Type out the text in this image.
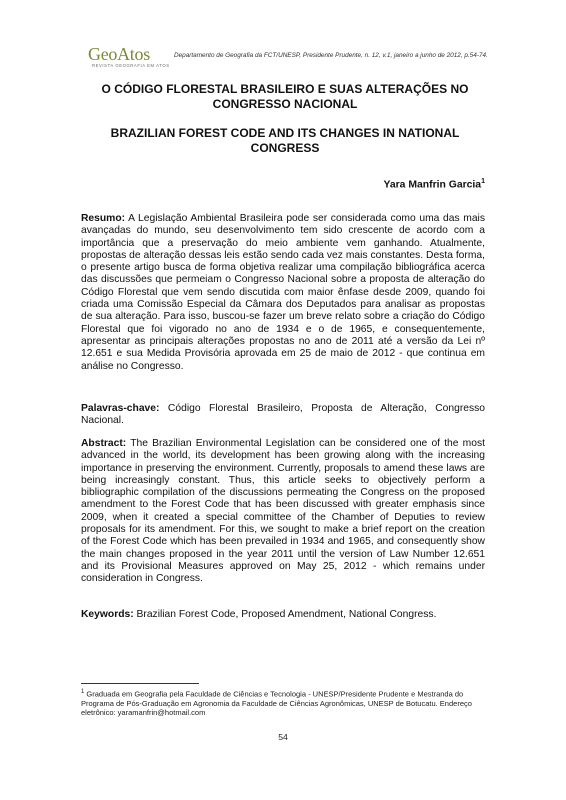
GeoAtos
REVISTA GEOGRAFIA EM ATOS
Departamento de Geografia da FCT/UNESP, Presidente Prudente, n. 12, v.1, janeiro a junho de 2012, p.54-74.
O CÓDIGO FLORESTAL BRASILEIRO E SUAS ALTERAÇÕES NO CONGRESSO NACIONAL
BRAZILIAN FOREST CODE AND ITS CHANGES IN NATIONAL CONGRESS
Yara Manfrin Garcia$^1$
Resumo: A Legislação Ambiental Brasileira pode ser considerada como uma das mais avançadas do mundo, seu desenvolvimento tem sido crescente de acordo com a importância que a preservação do meio ambiente vem ganhando. Atualmente, propostas de alteração dessas leis estão sendo cada vez mais constantes. Desta forma, o presente artigo busca de forma objetiva realizar uma compilação bibliográfica acerca das discussões que permeiam o Congresso Nacional sobre a proposta de alteração do Código Florestal que vem sendo discutida com maior ênfase desde 2009, quando foi criada uma Comissão Especial da Câmara dos Deputados para analisar as propostas de sua alteração. Para isso, buscou-se fazer um breve relato sobre a criação do Código Florestal que foi vigorado no ano de 1934 e o de 1965, e consequentemente, apresentar as principais alterações propostas no ano de 2011 até a versão da Lei nº 12.651 e sua Medida Provisória aprovada em 25 de maio de 2012 - que continua em análise no Congresso.
Palavras-chave: Código Florestal Brasileiro, Proposta de Alteração, Congresso Nacional.
Abstract: The Brazilian Environmental Legislation can be considered one of the most advanced in the world, its development has been growing along with the increasing importance in preserving the environment. Currently, proposals to amend these laws are being increasingly constant. Thus, this article seeks to objectively perform a bibliographic compilation of the discussions permeating the Congress on the proposed amendment to the Forest Code that has been discussed with greater emphasis since 2009, when it created a special committee of the Chamber of Deputies to review proposals for its amendment. For this, we sought to make a brief report on the creation of the Forest Code which has been prevailed in 1934 and 1965, and consequently show the main changes proposed in the year 2011 until the version of Law Number 12.651 and its Provisional Measures approved on May 25, 2012 - which remains under consideration in Congress.
Keywords: Brazilian Forest Code, Proposed Amendment, National Congress.
$^1$ Graduada em Geografia pela Faculdade de Ciências e Tecnologia - UNESP/Presidente Prudente e Mestranda do Programa de Pós-Graduação em Agronomia da Faculdade de Ciências Agronômicas, UNESP de Botucatu. Endereço eletrônico: yaramanfrin@hotmail.com
54
